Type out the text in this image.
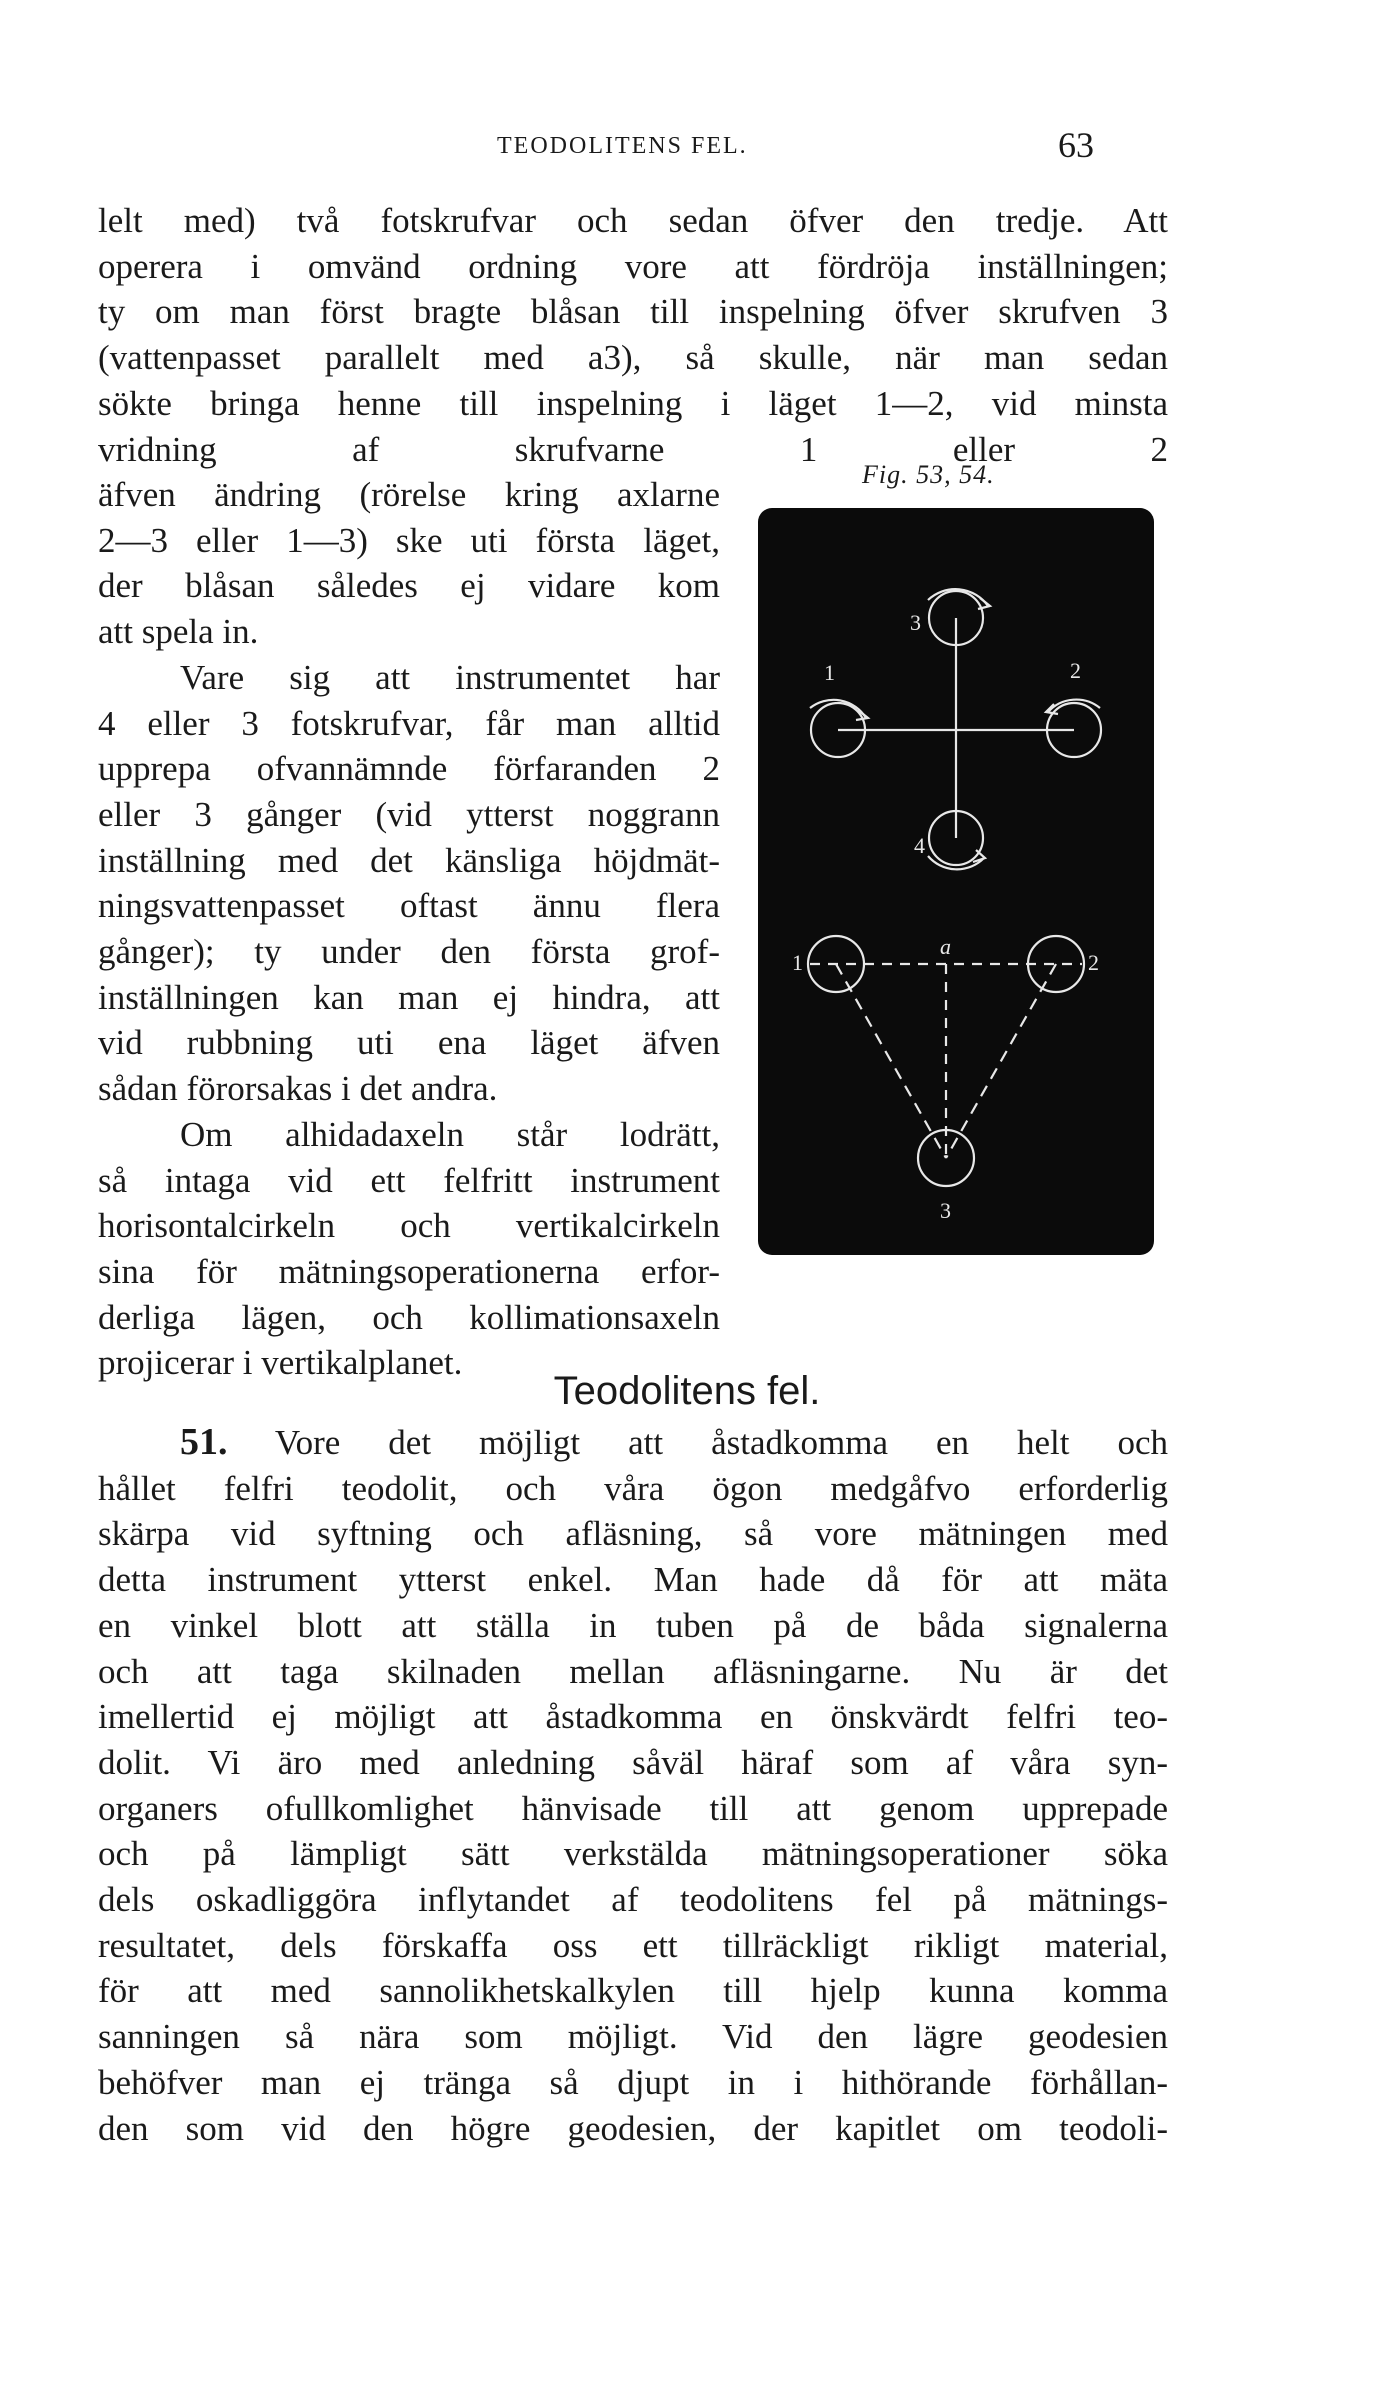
TEODOLITENS FEL.	63
lelt med) två fotskrufvar och sedan öfver den tredje. Att
operera i omvänd ordning vore att fördröja inställningen;
ty om man först bragte blåsan till inspelning öfver skrufven 3
(vattenpasset parallelt med a3), så skulle, när man sedan
sökte bringa henne till inspelning i läget 1—2, vid minsta
vridning af skrufvarne 1 eller 2
äfven ändring (rörelse kring axlarne
2—3 eller 1—3) ske uti första läget,
der blåsan således ej vidare kom
att spela in.
Vare sig att instrumentet har
4 eller 3 fotskrufvar, får man alltid
upprepa ofvannämnde förfaranden 2
eller 3 gånger (vid ytterst noggrann
inställning med det känsliga höjdmät-
ningsvattenpasset oftast ännu flera
gånger); ty under den första grof-
inställningen kan man ej hindra, att
vid rubbning uti ena läget äfven
sådan förorsakas i det andra.
Om alhidadaxeln står lodrätt,
så intaga vid ett felfritt instrument
horisontalcirkeln och vertikalcirkeln
sina för mätningsoperationerna erfor-
derliga lägen, och kollimationsaxeln
projicerar i vertikalplanet.
Fig. 53, 54.
3
1	2
4
1	2
a
3
Teodolitens fel.
51. Vore det möjligt att åstadkomma en helt och
hållet felfri teodolit, och våra ögon medgåfvo erforderlig
skärpa vid syftning och afläsning, så vore mätningen med
detta instrument ytterst enkel. Man hade då för att mäta
en vinkel blott att ställa in tuben på de båda signalerna
och att taga skilnaden mellan afläsningarne. Nu är det
imellertid ej möjligt att åstadkomma en önskvärdt felfri teo-
dolit. Vi äro med anledning såväl häraf som af våra syn-
organers ofullkomlighet hänvisade till att genom upprepade
och på lämpligt sätt verkstälda mätningsoperationer söka
dels oskadliggöra inflytandet af teodolitens fel på mätnings-
resultatet, dels förskaffa oss ett tillräckligt rikligt material,
för att med sannolikhetskalkylen till hjelp kunna komma
sanningen så nära som möjligt. Vid den lägre geodesien
behöfver man ej tränga så djupt in i hithörande förhållan-
den som vid den högre geodesien, der kapitlet om teodoli-
